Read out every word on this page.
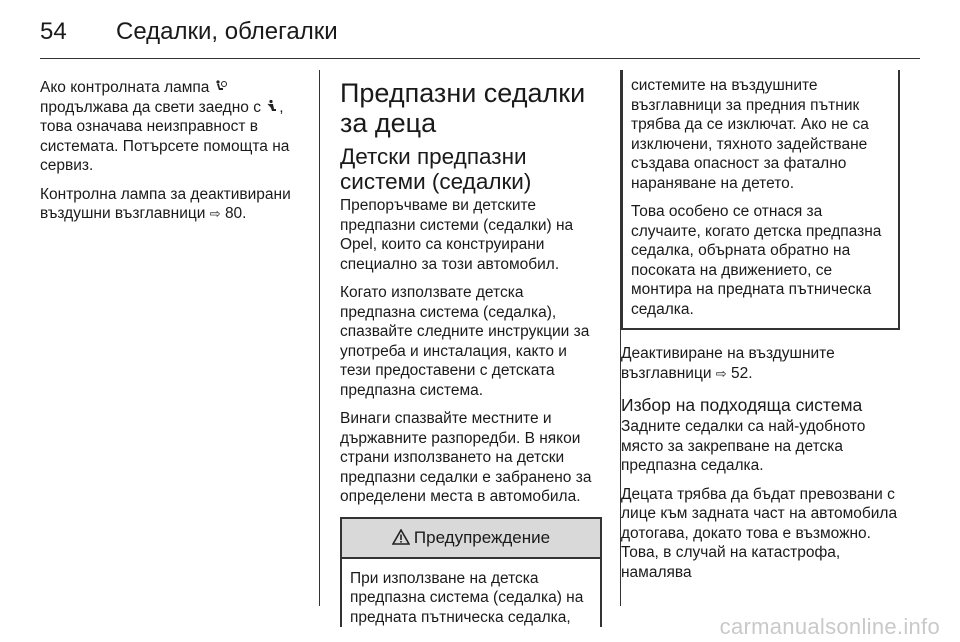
54 Седалки, облегалки

Ако контролната лампа  продължава да свети заедно с , това означава неизправност в системата. Потърсете помощта на сервиз.

Контролна лампа за деактивирани въздушни възглавници ⇨ 80.

Предпазни седалки за деца
Детски предпазни системи (седалки)

Препоръчваме ви детските предпазни системи (седалки) на Opel, които са конструирани специално за този автомобил.

Когато използвате детска предпазна система (седалка), спазвайте следните инструкции за употреба и инсталация, както и тези предоставени с детската предпазна система.

Винаги спазвайте местните и държавните разпоредби. В някои страни използването на детски предпазни седалки е забранено за определени места в автомобила.

Предупреждение

При използване на детска предпазна система (седалка) на предната пътническа седалка,

системите на въздушните възглавници за предния пътник трябва да се изключат. Ако не са изключени, тяхното задействане създава опасност за фатално нараняване на детето.

Това особено се отнася за случаите, когато детска предпазна седалка, обърната обратно на посоката на движението, се монтира на предната пътническа седалка.

Деактивиране на въздушните възглавници ⇨ 52.

Избор на подходяща система

Задните седалки са най-удобното място за закрепване на детска предпазна седалка.

Децата трябва да бъдат превозвани с лице към задната част на автомобила дотогава, докато това е възможно. Това, в случай на катастрофа, намалява

carmanualsonline.info
